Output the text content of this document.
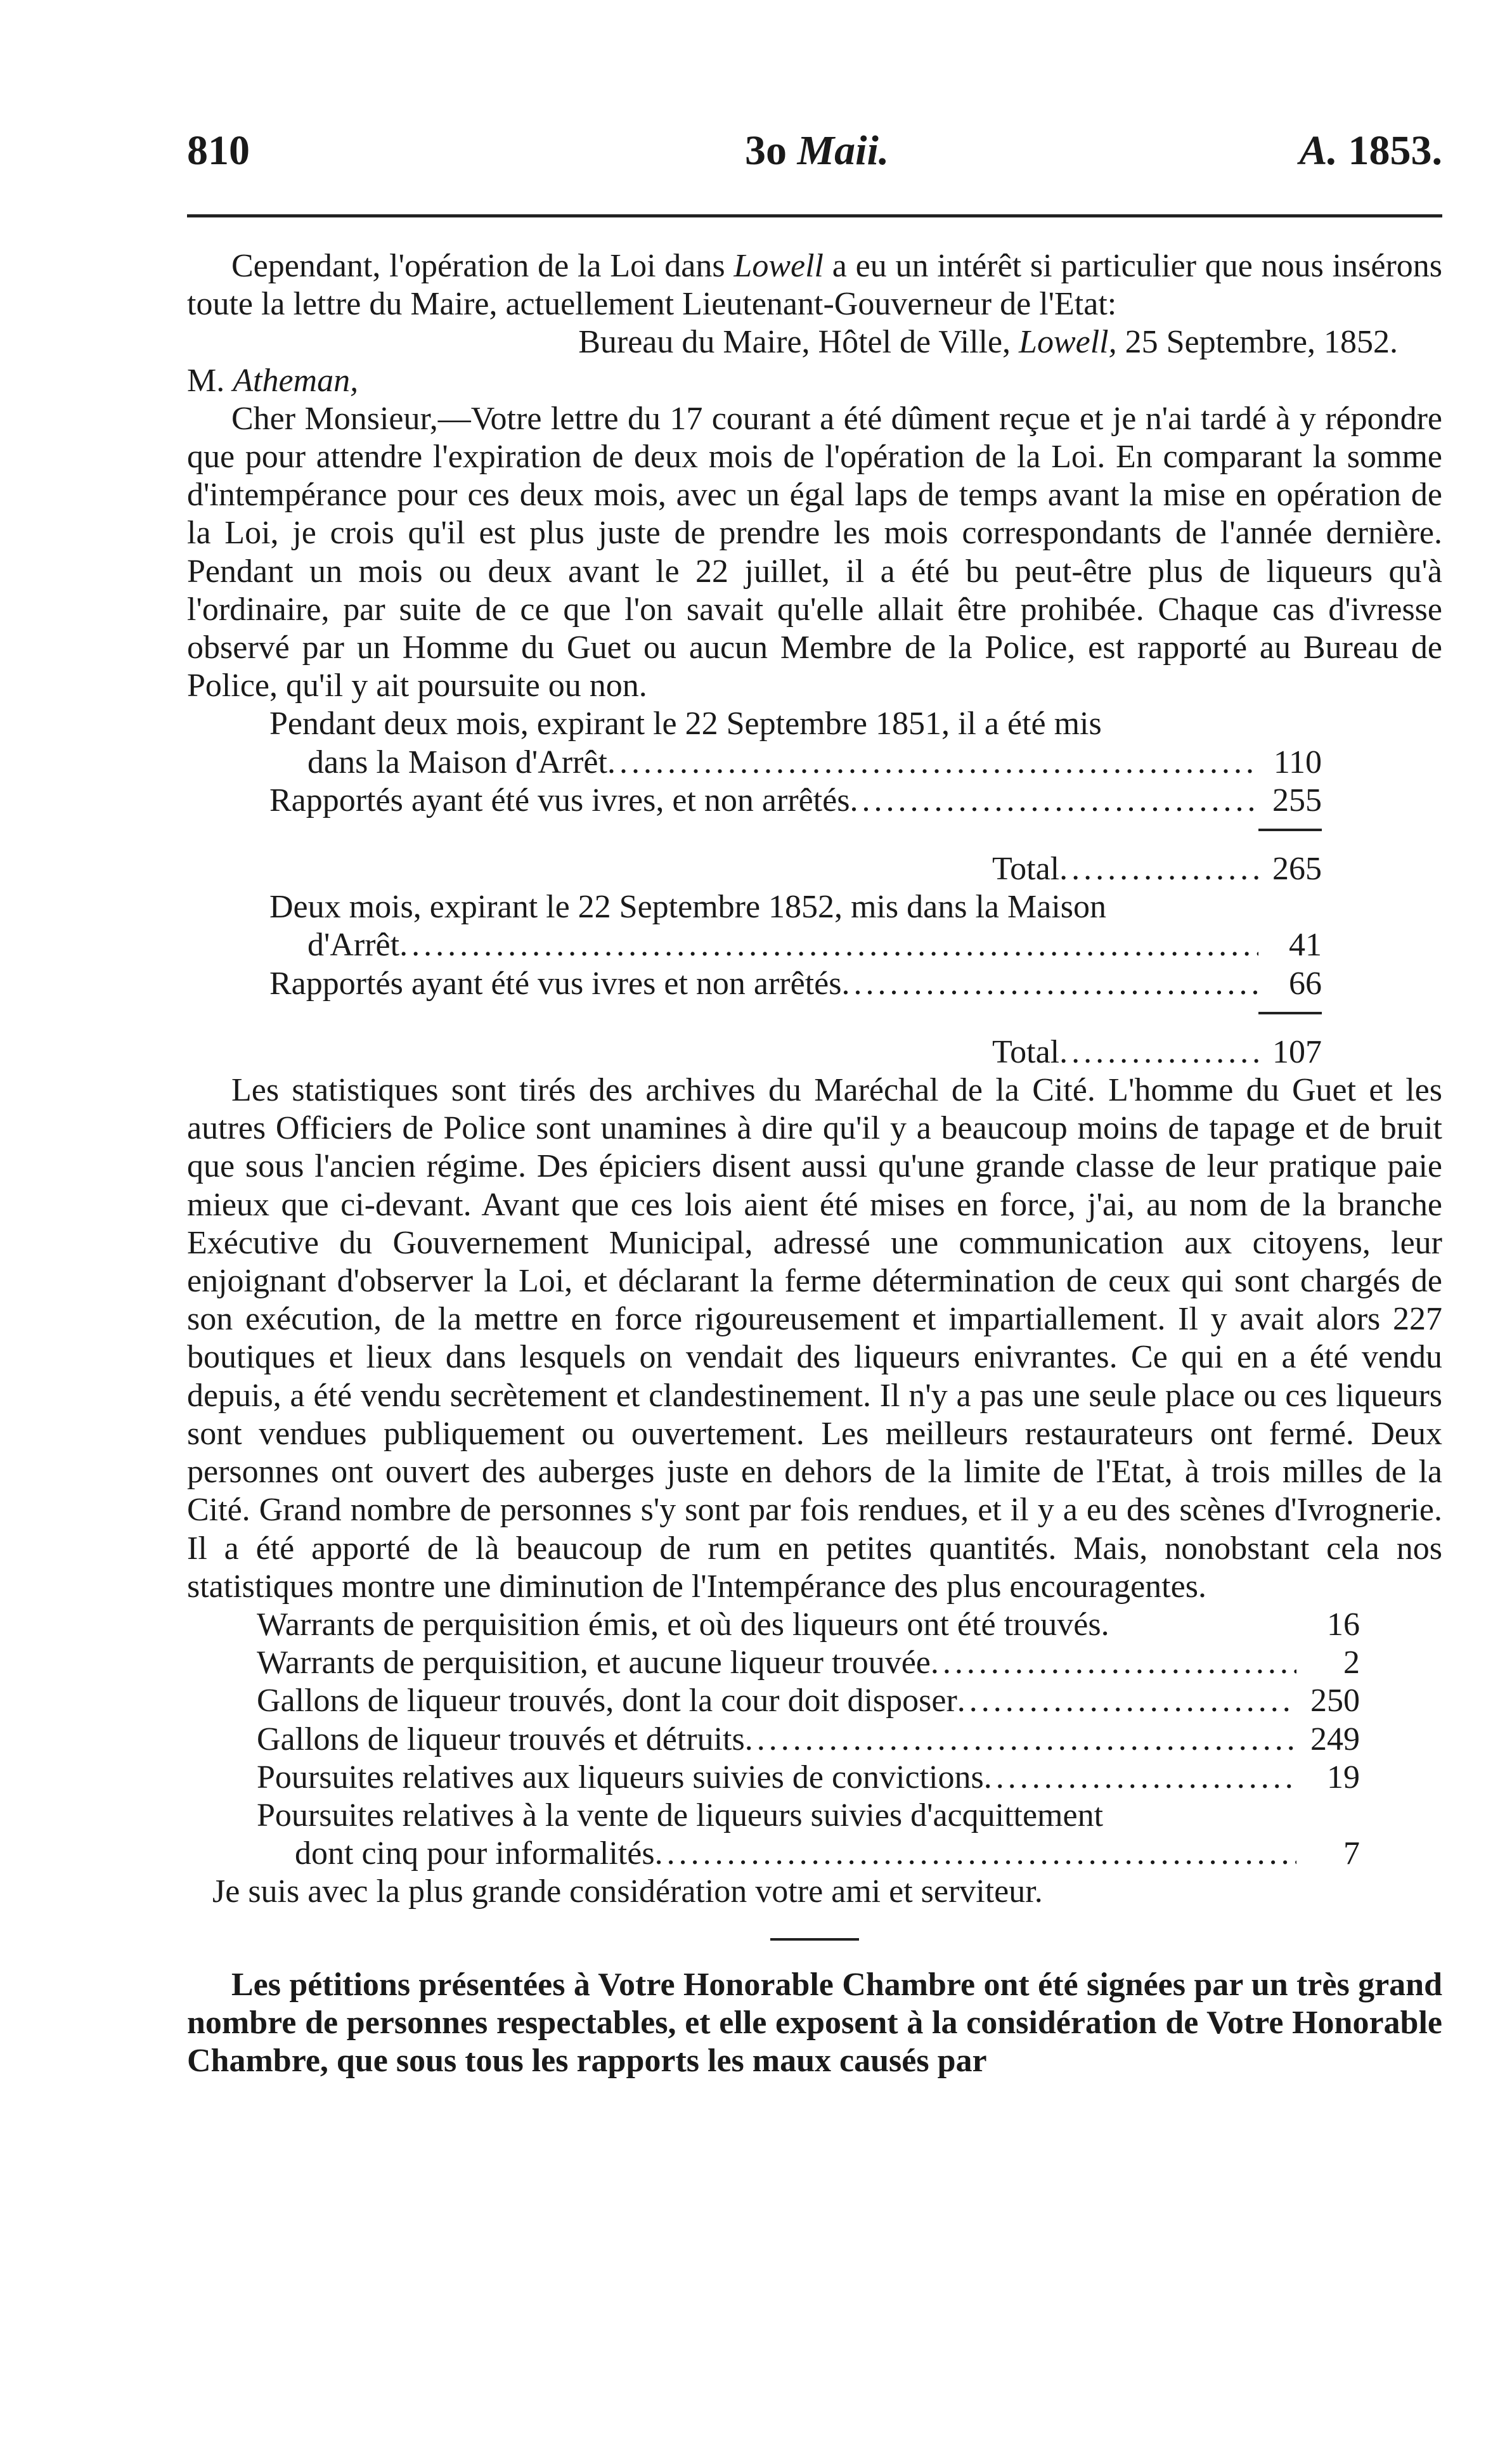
810	3o Maii.	A. 1853.

Cependant, l'opération de la Loi dans Lowell a eu un intérêt si particulier que nous insérons toute la lettre du Maire, actuellement Lieutenant-Gouverneur de l'Etat:

Bureau du Maire, Hôtel de Ville, Lowell, 25 Septembre, 1852.

M. Atheman,

Cher Monsieur,—Votre lettre du 17 courant a été dûment reçue et je n'ai tardé à y répondre que pour attendre l'expiration de deux mois de l'opération de la Loi. En comparant la somme d'intempérance pour ces deux mois, avec un égal laps de temps avant la mise en opération de la Loi, je crois qu'il est plus juste de prendre les mois correspondants de l'année dernière. Pendant un mois ou deux avant le 22 juillet, il a été bu peut-être plus de liqueurs qu'à l'ordinaire, par suite de ce que l'on savait qu'elle allait être prohibée. Chaque cas d'ivresse observé par un Homme du Guet ou aucun Membre de la Police, est rapporté au Bureau de Police, qu'il y ait poursuite ou non.

Pendant deux mois, expirant le 22 Septembre 1851, il a été mis
dans la Maison d'Arrêt .....	110
Rapportés ayant été vus ivres, et non arrêtés .....	255
Total .....	265
Deux mois, expirant le 22 Septembre 1852, mis dans la Maison
d'Arrêt .....	41
Rapportés ayant été vus ivres et non arrêtés .....	66
Total .....	107

Les statistiques sont tirés des archives du Maréchal de la Cité. L'homme du Guet et les autres Officiers de Police sont unamines à dire qu'il y a beaucoup moins de tapage et de bruit que sous l'ancien régime. Des épiciers disent aussi qu'une grande classe de leur pratique paie mieux que ci-devant. Avant que ces lois aient été mises en force, j'ai, au nom de la branche Exécutive du Gouvernement Municipal, adressé une communication aux citoyens, leur enjoignant d'observer la Loi, et déclarant la ferme détermination de ceux qui sont chargés de son exécution, de la mettre en force rigoureusement et impartiallement. Il y avait alors 227 boutiques et lieux dans lesquels on vendait des liqueurs enivrantes. Ce qui en a été vendu depuis, a été vendu secrètement et clandestinement. Il n'y a pas une seule place ou ces liqueurs sont vendues publiquement ou ouvertement. Les meilleurs restaurateurs ont fermé. Deux personnes ont ouvert des auberges juste en dehors de la limite de l'Etat, à trois milles de la Cité. Grand nombre de personnes s'y sont par fois rendues, et il y a eu des scènes d'Ivrognerie. Il a été apporté de là beaucoup de rum en petites quantités. Mais, nonobstant cela nos statistiques montre une diminution de l'Intempérance des plus encouragentes.

Warrants de perquisition émis, et où des liqueurs ont été trouvés.	16
Warrants de perquisition, et aucune liqueur trouvée .....	2
Gallons de liqueur trouvés, dont la cour doit disposer .....	250
Gallons de liqueur trouvés et détruits .....	249
Poursuites relatives aux liqueurs suivies de convictions .....	19
Poursuites relatives à la vente de liqueurs suivies d'acquittement
dont cinq pour informalités .....	7

Je suis avec la plus grande considération votre ami et serviteur.

Les pétitions présentées à Votre Honorable Chambre ont été signées par un très grand nombre de personnes respectables, et elle exposent à la considération de Votre Honorable Chambre, que sous tous les rapports les maux causés par
